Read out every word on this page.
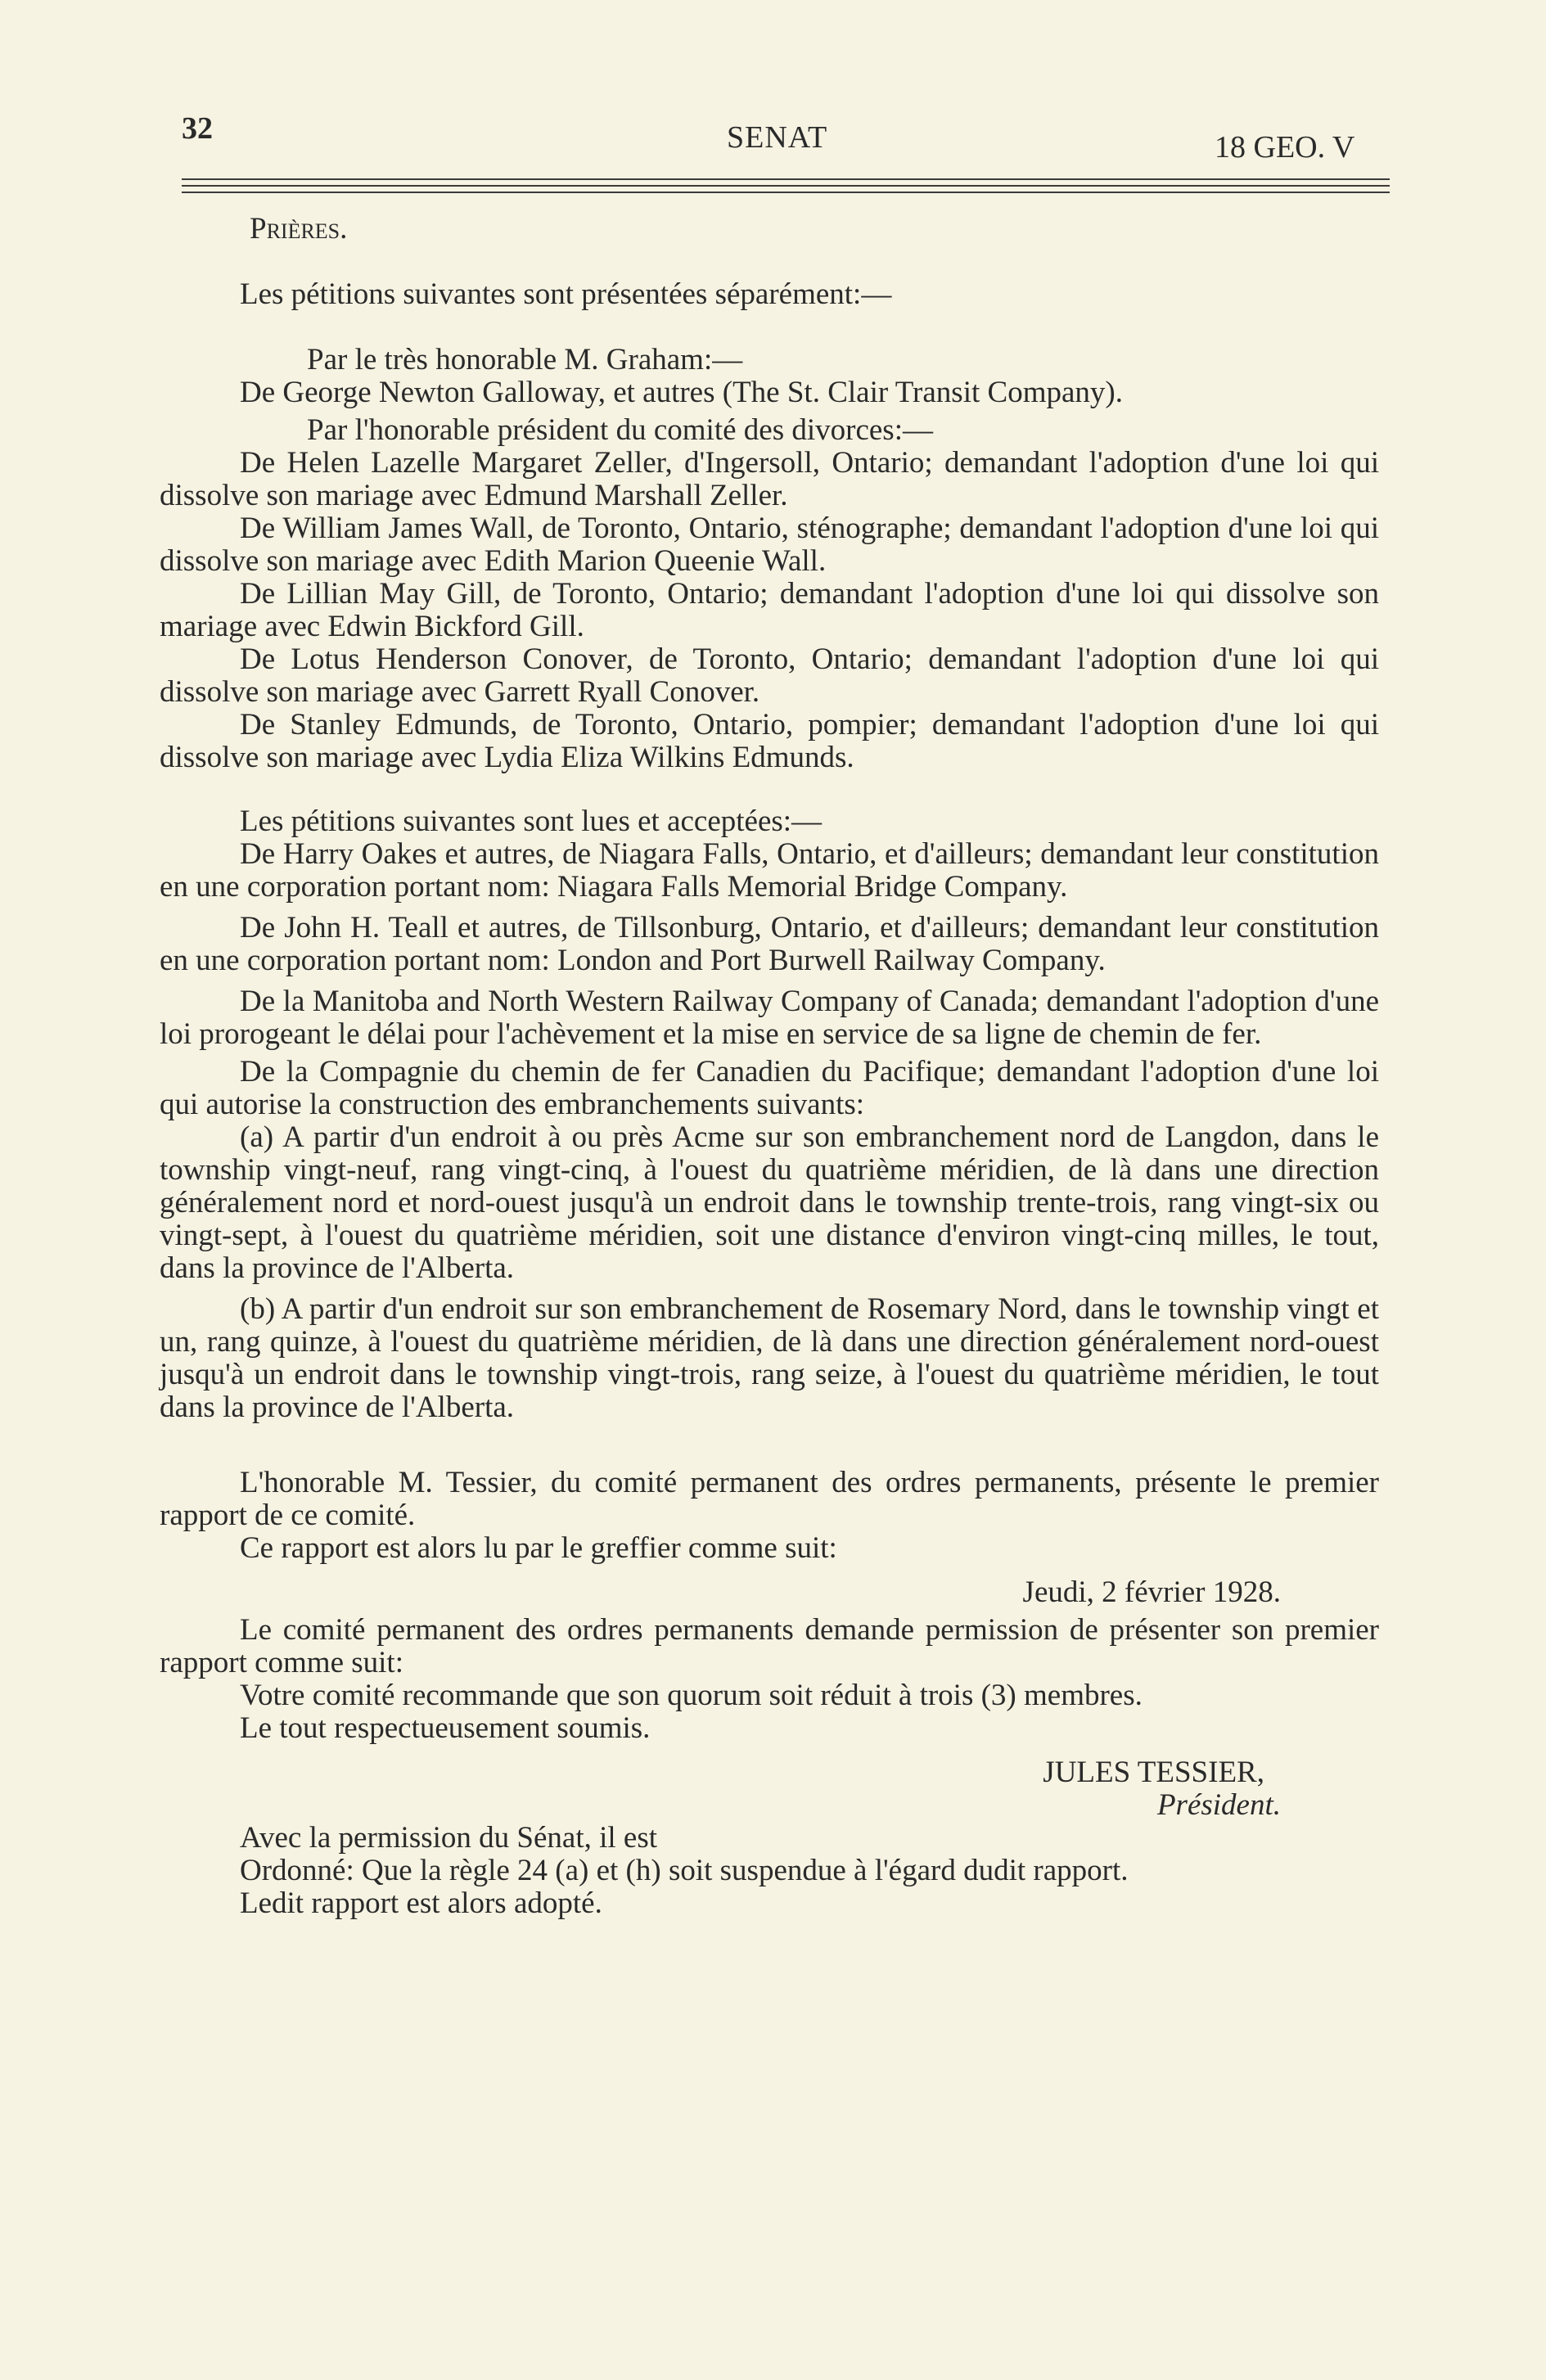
32	SENAT	18 GEO. V

Prières.

Les pétitions suivantes sont présentées séparément:—

Par le très honorable M. Graham:—

De George Newton Galloway, et autres (The St. Clair Transit Company).

Par l'honorable président du comité des divorces:—

De Helen Lazelle Margaret Zeller, d'Ingersoll, Ontario; demandant l'adoption d'une loi qui dissolve son mariage avec Edmund Marshall Zeller.

De William James Wall, de Toronto, Ontario, sténographe; demandant l'adoption d'une loi qui dissolve son mariage avec Edith Marion Queenie Wall.

De Lillian May Gill, de Toronto, Ontario; demandant l'adoption d'une loi qui dissolve son mariage avec Edwin Bickford Gill.

De Lotus Henderson Conover, de Toronto, Ontario; demandant l'adoption d'une loi qui dissolve son mariage avec Garrett Ryall Conover.

De Stanley Edmunds, de Toronto, Ontario, pompier; demandant l'adoption d'une loi qui dissolve son mariage avec Lydia Eliza Wilkins Edmunds.

Les pétitions suivantes sont lues et acceptées:—

De Harry Oakes et autres, de Niagara Falls, Ontario, et d'ailleurs; demandant leur constitution en une corporation portant nom: Niagara Falls Memorial Bridge Company.

De John H. Teall et autres, de Tillsonburg, Ontario, et d'ailleurs; demandant leur constitution en une corporation portant nom: London and Port Burwell Railway Company.

De la Manitoba and North Western Railway Company of Canada; demandant l'adoption d'une loi prorogeant le délai pour l'achèvement et la mise en service de sa ligne de chemin de fer.

De la Compagnie du chemin de fer Canadien du Pacifique; demandant l'adoption d'une loi qui autorise la construction des embranchements suivants:

(a) A partir d'un endroit à ou près Acme sur son embranchement nord de Langdon, dans le township vingt-neuf, rang vingt-cinq, à l'ouest du quatrième méridien, de là dans une direction généralement nord et nord-ouest jusqu'à un endroit dans le township trente-trois, rang vingt-six ou vingt-sept, à l'ouest du quatrième méridien, soit une distance d'environ vingt-cinq milles, le tout, dans la province de l'Alberta.

(b) A partir d'un endroit sur son embranchement de Rosemary Nord, dans le township vingt et un, rang quinze, à l'ouest du quatrième méridien, de là dans une direction généralement nord-ouest jusqu'à un endroit dans le township vingt-trois, rang seize, à l'ouest du quatrième méridien, le tout dans la province de l'Alberta.

L'honorable M. Tessier, du comité permanent des ordres permanents, présente le premier rapport de ce comité.

Ce rapport est alors lu par le greffier comme suit:

Jeudi, 2 février 1928.

Le comité permanent des ordres permanents demande permission de présenter son premier rapport comme suit:

Votre comité recommande que son quorum soit réduit à trois (3) membres.

Le tout respectueusement soumis.

JULES TESSIER,

Président.

Avec la permission du Sénat, il est

Ordonné: Que la règle 24 (a) et (h) soit suspendue à l'égard dudit rapport.

Ledit rapport est alors adopté.
